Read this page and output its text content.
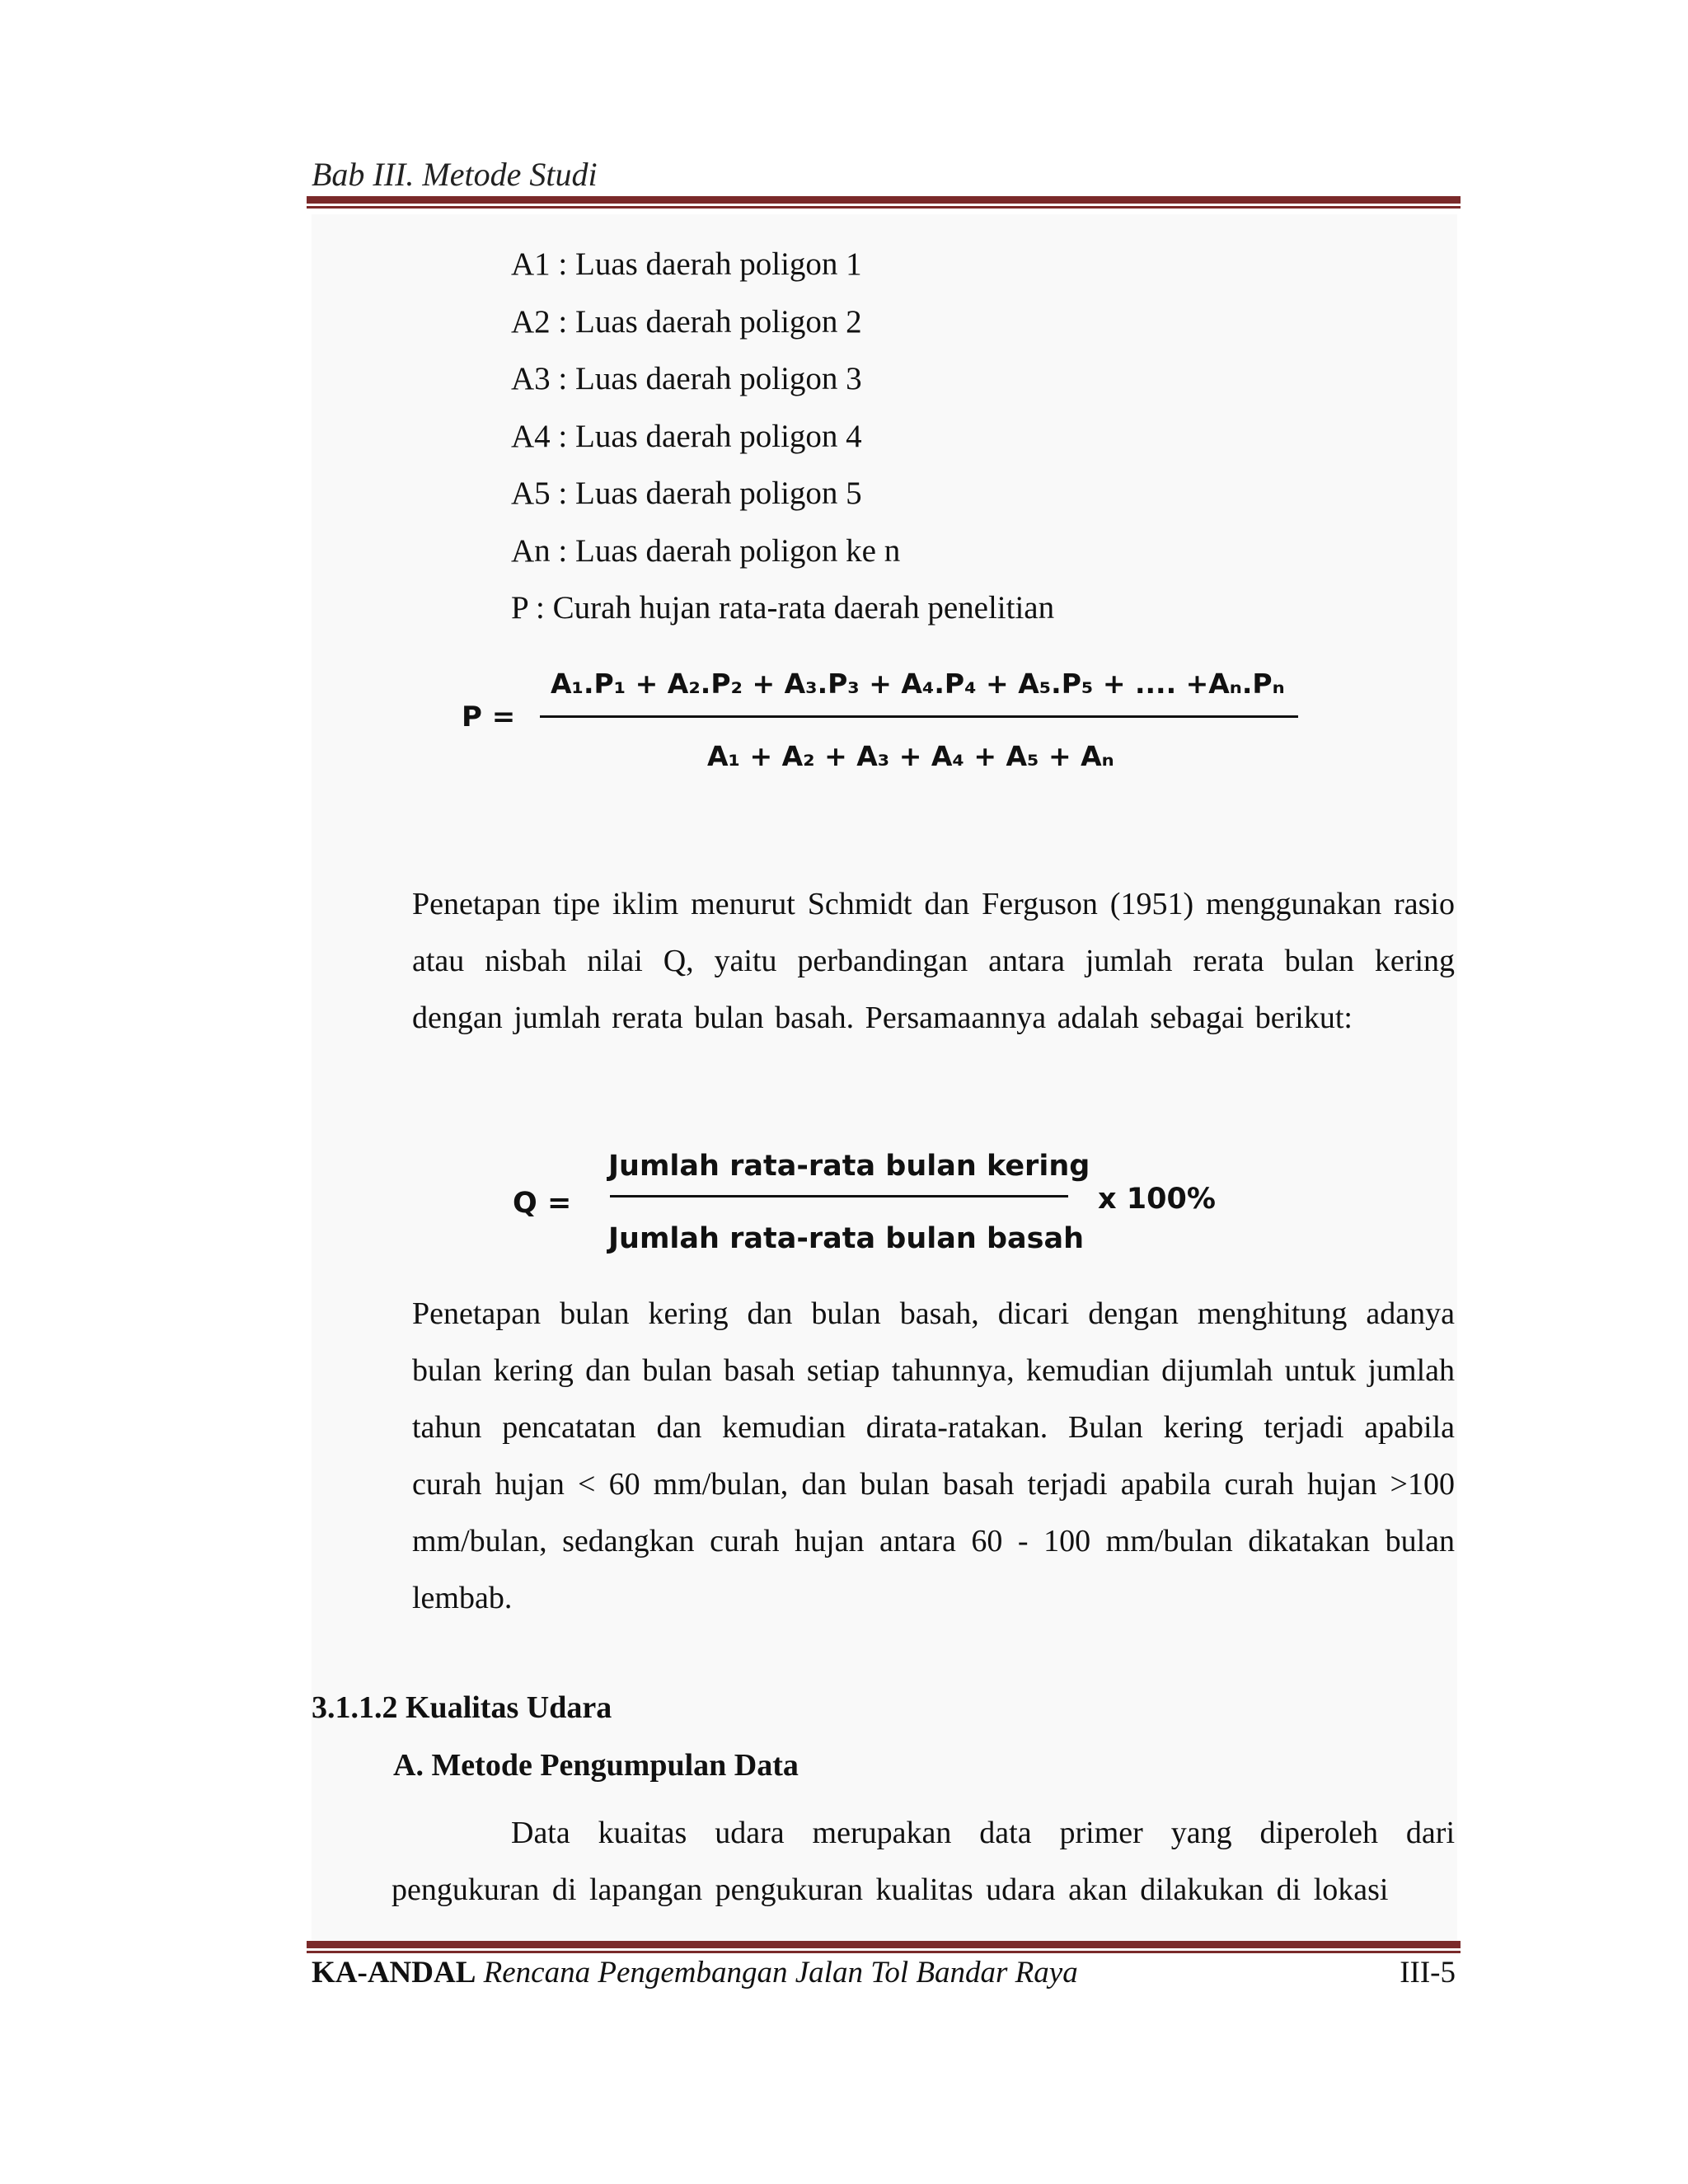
Bab III. Metode Studi
A1 : Luas daerah poligon 1
A2 : Luas daerah poligon 2
A3 : Luas daerah poligon 3
A4 : Luas daerah poligon 4
A5 : Luas daerah poligon 5
An : Luas daerah poligon ke n
P : Curah hujan rata-rata daerah penelitian
P =
A₁.P₁ + A₂.P₂ + A₃.P₃ + A₄.P₄ + A₅.P₅ + .... +Aₙ.Pₙ
A₁ + A₂ + A₃ + A₄ + A₅ + Aₙ
Penetapan tipe iklim menurut Schmidt dan Ferguson (1951) menggunakan rasio atau nisbah nilai Q, yaitu perbandingan antara jumlah rerata bulan kering dengan jumlah rerata bulan basah. Persamaannya adalah sebagai berikut:
Q =
Jumlah rata-rata bulan kering
Jumlah rata-rata bulan basah
x 100%
Penetapan bulan kering dan bulan basah, dicari dengan menghitung adanya bulan kering dan bulan basah setiap tahunnya, kemudian dijumlah untuk jumlah tahun pencatatan dan kemudian dirata-ratakan. Bulan kering terjadi apabila curah hujan < 60 mm/bulan, dan bulan basah terjadi apabila curah hujan >100 mm/bulan, sedangkan curah hujan antara 60 - 100 mm/bulan dikatakan bulan lembab.
3.1.1.2 Kualitas Udara
A. Metode Pengumpulan Data
Data kuaitas udara merupakan data primer yang diperoleh dari pengukuran di lapangan pengukuran kualitas udara akan dilakukan di lokasi
KA-ANDAL Rencana Pengembangan Jalan Tol Bandar Raya	III-5
